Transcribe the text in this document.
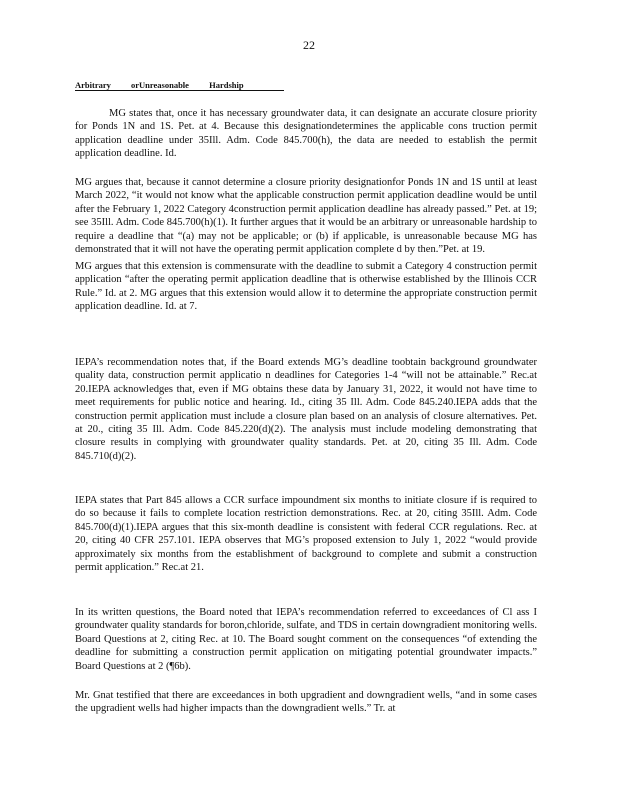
22
Arbitrary orUnreasonable Hardship

MG states that, once it has necessary groundwater data, it can designate an accurate closure priority for Ponds 1N and 1S. Pet. at 4. Because this designationdetermines the applicable cons truction permit application deadline under 35Ill. Adm. Code 845.700(h), the data are needed to establish the permit application deadline. Id.

MG argues that, because it cannot determine a closure priority designationfor Ponds 1N and 1S until at least March 2022, “it would not know what the applicable construction permit application deadline would be until after the February 1, 2022 Category 4construction permit application deadline has already passed.” Pet. at 19; see 35Ill. Adm. Code 845.700(h)(1). It further argues that it would be an arbitrary or unreasonable hardship to require a deadline that “(a) may not be applicable; or (b) if applicable, is unreasonable because MG has demonstrated that it will not have the operating permit application complete d by then.”Pet. at 19.

MG argues that this extension is commensurate with the deadline to submit a Category 4 construction permit application “after the operating permit application deadline that is otherwise established by the Illinois CCR Rule.” Id. at 2. MG argues that this extension would allow it to determine the appropriate construction permit application deadline. Id. at 7.

IEPA’s recommendation notes that, if the Board extends MG’s deadline toobtain background groundwater quality data, construction permit applicatio n deadlines for Categories 1-4 “will not be attainable.” Rec.at 20.IEPA acknowledges that, even if MG obtains these data by January 31, 2022, it would not have time to meet requirements for public notice and hearing. Id., citing 35 Ill. Adm. Code 845.240.IEPA adds that the construction permit application must include a closure plan based on an analysis of closure alternatives. Pet. at 20., citing 35 Ill. Adm. Code 845.220(d)(2). The analysis must include modeling demonstrating that closure results in complying with groundwater quality standards. Pet. at 20, citing 35 Ill. Adm. Code 845.710(d)(2).

IEPA states that Part 845 allows a CCR surface impoundment six months to initiate closure if is required to do so because it fails to complete location restriction demonstrations. Rec. at 20, citing 35Ill. Adm. Code 845.700(d)(1).IEPA argues that this six-month deadline is consistent with federal CCR regulations. Rec. at 20, citing 40 CFR 257.101. IEPA observes that MG’s proposed extension to July 1, 2022 “would provide approximately six months from the establishment of background to complete and submit a construction permit application.” Rec.at 21.

In its written questions, the Board noted that IEPA’s recommendation referred to exceedances of Cl ass I groundwater quality standards for boron,chloride, sulfate, and TDS in certain downgradient monitoring wells. Board Questions at 2, citing Rec. at 10. The Board sought comment on the consequences “of extending the deadline for submitting a construction permit application on mitigating potential groundwater impacts.” Board Questions at 2 (¶6b).

Mr. Gnat testified that there are exceedances in both upgradient and downgradient wells, “and in some cases the upgradient wells had higher impacts than the downgradient wells.” Tr. at
